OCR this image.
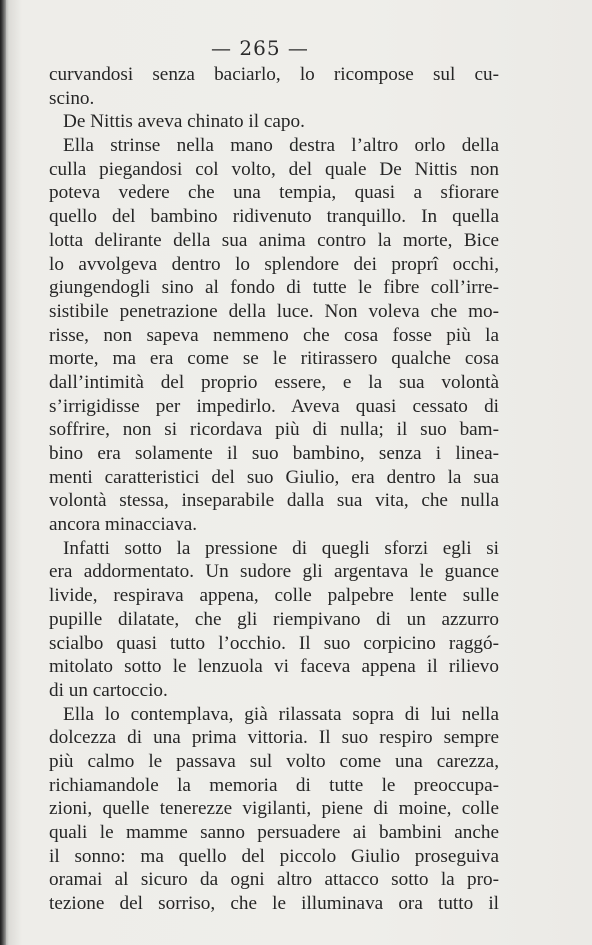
— 265 —
curvandosi senza baciarlo, lo ricompose sul cu-
scino.
De Nittis aveva chinato il capo.
Ella strinse nella mano destra l’altro orlo della
culla piegandosi col volto, del quale De Nittis non
poteva vedere che una tempia, quasi a sfiorare
quello del bambino ridivenuto tranquillo. In quella
lotta delirante della sua anima contro la morte, Bice
lo avvolgeva dentro lo splendore dei proprî occhi,
giungendogli sino al fondo di tutte le fibre coll’irre-
sistibile penetrazione della luce. Non voleva che mo-
risse, non sapeva nemmeno che cosa fosse più la
morte, ma era come se le ritirassero qualche cosa
dall’intimità del proprio essere, e la sua volontà
s’irrigidisse per impedirlo. Aveva quasi cessato di
soffrire, non si ricordava più di nulla; il suo bam-
bino era solamente il suo bambino, senza i linea-
menti caratteristici del suo Giulio, era dentro la sua
volontà stessa, inseparabile dalla sua vita, che nulla
ancora minacciava.
Infatti sotto la pressione di quegli sforzi egli si
era addormentato. Un sudore gli argentava le guance
livide, respirava appena, colle palpebre lente sulle
pupille dilatate, che gli riempivano di un azzurro
scialbo quasi tutto l’occhio. Il suo corpicino raggó-
mitolato sotto le lenzuola vi faceva appena il rilievo
di un cartoccio.
Ella lo contemplava, già rilassata sopra di lui nella
dolcezza di una prima vittoria. Il suo respiro sempre
più calmo le passava sul volto come una carezza,
richiamandole la memoria di tutte le preoccupa-
zioni, quelle tenerezze vigilanti, piene di moine, colle
quali le mamme sanno persuadere ai bambini anche
il sonno: ma quello del piccolo Giulio proseguiva
oramai al sicuro da ogni altro attacco sotto la pro-
tezione del sorriso, che le illuminava ora tutto il
